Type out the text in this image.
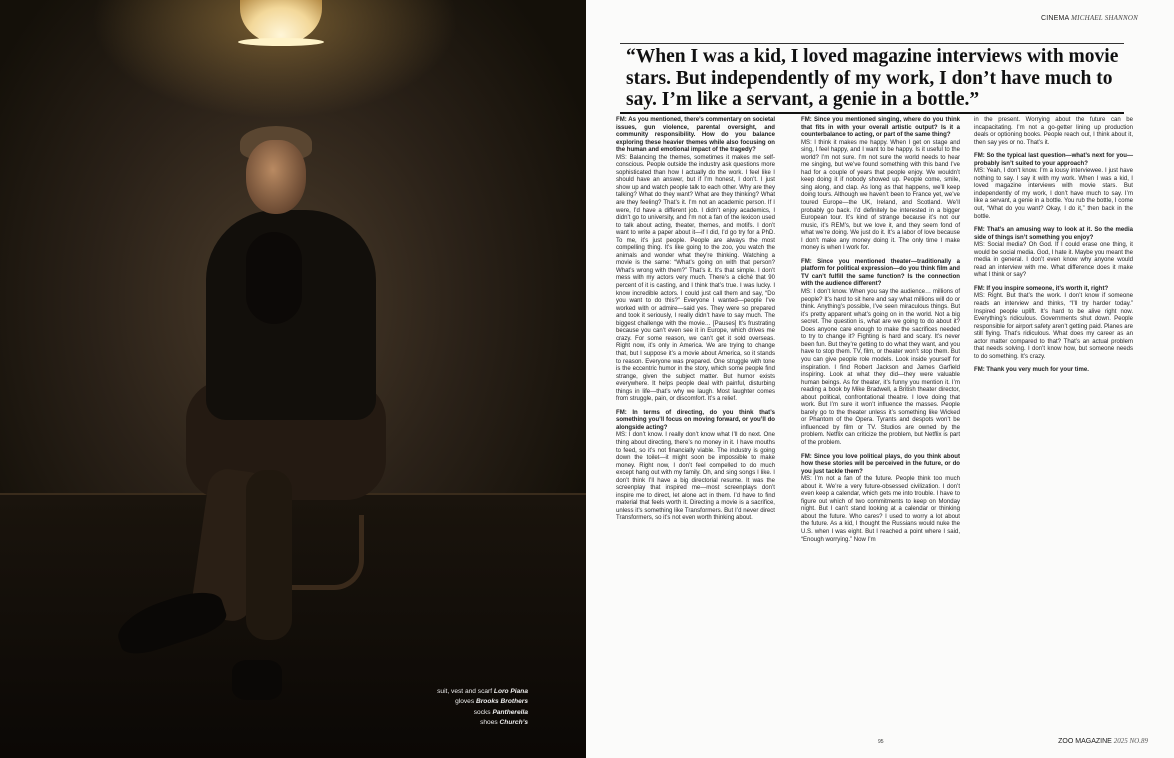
suit, vest and scarf Loro Piana
gloves Brooks Brothers
socks Pantherella
shoes Church’s
CINEMA MICHAEL SHANNON

“When I was a kid, I loved magazine interviews with movie stars. But independently of my work, I don’t have much to say. I’m like a servant, a genie in a bottle.”

FM: As you mentioned, there’s commentary on societal issues, gun violence, parental oversight, and community responsibility. How do you balance exploring these heavier themes while also focusing on the human and emotional impact of the tragedy?
MS: Balancing the themes, sometimes it makes me self-conscious. People outside the industry ask questions more sophisticated than how I actually do the work. I feel like I should have an answer, but if I’m honest, I don’t. I just show up and watch people talk to each other. Why are they talking? What do they want? What are they thinking? What are they feeling? That’s it. I’m not an academic person. If I were, I’d have a different job. I didn’t enjoy academics, I didn’t go to university, and I’m not a fan of the lexicon used to talk about acting, theater, themes, and motifs. I don’t want to write a paper about it—if I did, I’d go try for a PhD. To me, it’s just people. People are always the most compelling thing. It’s like going to the zoo, you watch the animals and wonder what they’re thinking. Watching a movie is the same: “What’s going on with that person? What’s wrong with them?” That’s it. It’s that simple. I don’t mess with my actors very much. There’s a cliché that 90 percent of it is casting, and I think that’s true. I was lucky. I know incredible actors. I could just call them and say, “Do you want to do this?” Everyone I wanted—people I’ve worked with or admire—said yes. They were so prepared and took it seriously, I really didn’t have to say much. The biggest challenge with the movie… [Pauses] It’s frustrating because you can’t even see it in Europe, which drives me crazy. For some reason, we can’t get it sold overseas. Right now, it’s only in America. We are trying to change that, but I suppose it’s a movie about America, so it stands to reason. Everyone was prepared. One struggle with tone is the eccentric humor in the story, which some people find strange, given the subject matter. But humor exists everywhere. It helps people deal with painful, disturbing things in life—that’s why we laugh. Most laughter comes from struggle, pain, or discomfort. It’s a relief.

FM: In terms of directing, do you think that’s something you’ll focus on moving forward, or you’ll do alongside acting?
MS: I don’t know. I really don’t know what I’ll do next. One thing about directing, there’s no money in it. I have mouths to feed, so it’s not financially viable. The industry is going down the toilet—it might soon be impossible to make money. Right now, I don’t feel compelled to do much except hang out with my family. Oh, and sing songs I like. I don’t think I’ll have a big directorial resume. It was the screenplay that inspired me—most screenplays don’t inspire me to direct, let alone act in them. I’d have to find material that feels worth it. Directing a movie is a sacrifice, unless it’s something like Transformers. But I’d never direct Transformers, so it’s not even worth thinking about.

FM: Since you mentioned singing, where do you think that fits in with your overall artistic output? Is it a counterbalance to acting, or part of the same thing?
MS: I think it makes me happy. When I get on stage and sing, I feel happy, and I want to be happy. Is it useful to the world? I’m not sure. I’m not sure the world needs to hear me singing, but we’ve found something with this band I’ve had for a couple of years that people enjoy. We wouldn’t keep doing it if nobody showed up. People come, smile, sing along, and clap. As long as that happens, we’ll keep doing tours. Although we haven’t been to France yet, we’ve toured Europe—the UK, Ireland, and Scotland. We’ll probably go back. I’d definitely be interested in a bigger European tour. It’s kind of strange because it’s not our music, it’s REM’s, but we love it, and they seem fond of what we’re doing. We just do it. It’s a labor of love because I don’t make any money doing it. The only time I make money is when I work for.

FM: Since you mentioned theater—traditionally a platform for political expression—do you think film and TV can’t fulfill the same function? Is the connection with the audience different?
MS: I don’t know. When you say the audience… millions of people? It’s hard to sit here and say what millions will do or think. Anything’s possible, I’ve seen miraculous things. But it’s pretty apparent what’s going on in the world. Not a big secret. The question is, what are we going to do about it? Does anyone care enough to make the sacrifices needed to try to change it? Fighting is hard and scary. It’s never been fun. But they’re getting to do what they want, and you have to stop them. TV, film, or theater won’t stop them. But you can give people role models. Look inside yourself for inspiration. I find Robert Jackson and James Garfield inspiring. Look at what they did—they were valuable human beings. As for theater, it’s funny you mention it. I’m reading a book by Mike Bradwell, a British theater director, about political, confrontational theatre. I love doing that work. But I’m sure it won’t influence the masses. People barely go to the theater unless it’s something like Wicked or Phantom of the Opera. Tyrants and despots won’t be influenced by film or TV. Studios are owned by the problem. Netflix can criticize the problem, but Netflix is part of the problem.

FM: Since you love political plays, do you think about how these stories will be perceived in the future, or do you just tackle them?
MS: I’m not a fan of the future. People think too much about it. We’re a very future-obsessed civilization. I don’t even keep a calendar, which gets me into trouble. I have to figure out which of two commitments to keep on Monday night. But I can’t stand looking at a calendar or thinking about the future. Who cares? I used to worry a lot about the future. As a kid, I thought the Russians would nuke the U.S. when I was eight. But I reached a point where I said, “Enough worrying.” Now I’m

in the present. Worrying about the future can be incapacitating. I’m not a go-getter lining up production deals or optioning books. People reach out, I think about it, then say yes or no. That’s it.

FM: So the typical last question—what’s next for you—probably isn’t suited to your approach?
MS: Yeah, I don’t know. I’m a lousy interviewee. I just have nothing to say. I say it with my work. When I was a kid, I loved magazine interviews with movie stars. But independently of my work, I don’t have much to say. I’m like a servant, a genie in a bottle. You rub the bottle, I come out, “What do you want? Okay, I do it,” then back in the bottle.

FM: That’s an amusing way to look at it. So the media side of things isn’t something you enjoy?
MS: Social media? Oh God. If I could erase one thing, it would be social media. God, I hate it. Maybe you meant the media in general. I don’t even know why anyone would read an interview with me. What difference does it make what I think or say?

FM: If you inspire someone, it’s worth it, right?
MS: Right. But that’s the work. I don’t know if someone reads an interview and thinks, “I’ll try harder today.” Inspired people uplift. It’s hard to be alive right now. Everything’s ridiculous. Governments shut down. People responsible for airport safety aren’t getting paid. Planes are still flying. That’s ridiculous. What does my career as an actor matter compared to that? That’s an actual problem that needs solving. I don’t know how, but someone needs to do something. It’s crazy.

FM: Thank you very much for your time.

95	ZOO MAGAZINE 2025 NO.89
